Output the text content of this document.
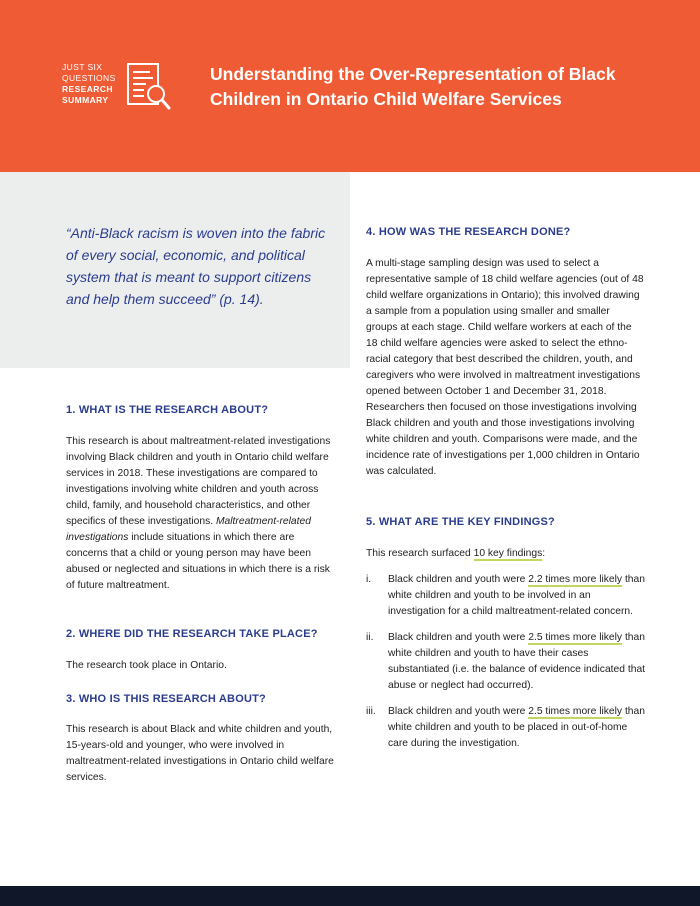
JUST SIX
QUESTIONS
RESEARCH
SUMMARY
Understanding the Over-Representation of Black Children in Ontario Child Welfare Services

“Anti-Black racism is woven into the fabric of every social, economic, and political system that is meant to support citizens and help them succeed” (p. 14).

1. WHAT IS THE RESEARCH ABOUT?

This research is about maltreatment-related investigations involving Black children and youth in Ontario child welfare services in 2018. These investigations are compared to investigations involving white children and youth across child, family, and household characteristics, and other specifics of these investigations. Maltreatment-related investigations include situations in which there are concerns that a child or young person may have been abused or neglected and situations in which there is a risk of future maltreatment.

2. WHERE DID THE RESEARCH TAKE PLACE?

The research took place in Ontario.

3. WHO IS THIS RESEARCH ABOUT?

This research is about Black and white children and youth, 15-years-old and younger, who were involved in maltreatment-related investigations in Ontario child welfare services.

4. HOW WAS THE RESEARCH DONE?

A multi-stage sampling design was used to select a representative sample of 18 child welfare agencies (out of 48 child welfare organizations in Ontario); this involved drawing a sample from a population using smaller and smaller groups at each stage. Child welfare workers at each of the 18 child welfare agencies were asked to select the ethno-racial category that best described the children, youth, and caregivers who were involved in maltreatment investigations opened between October 1 and December 31, 2018. Researchers then focused on those investigations involving Black children and youth and those investigations involving white children and youth. Comparisons were made, and the incidence rate of investigations per 1,000 children in Ontario was calculated.

5. WHAT ARE THE KEY FINDINGS?

This research surfaced 10 key findings:

i. Black children and youth were 2.2 times more likely than white children and youth to be involved in an investigation for a child maltreatment-related concern.
ii. Black children and youth were 2.5 times more likely than white children and youth to have their cases substantiated (i.e. the balance of evidence indicated that abuse or neglect had occurred).
iii. Black children and youth were 2.5 times more likely than white children and youth to be placed in out-of-home care during the investigation.
